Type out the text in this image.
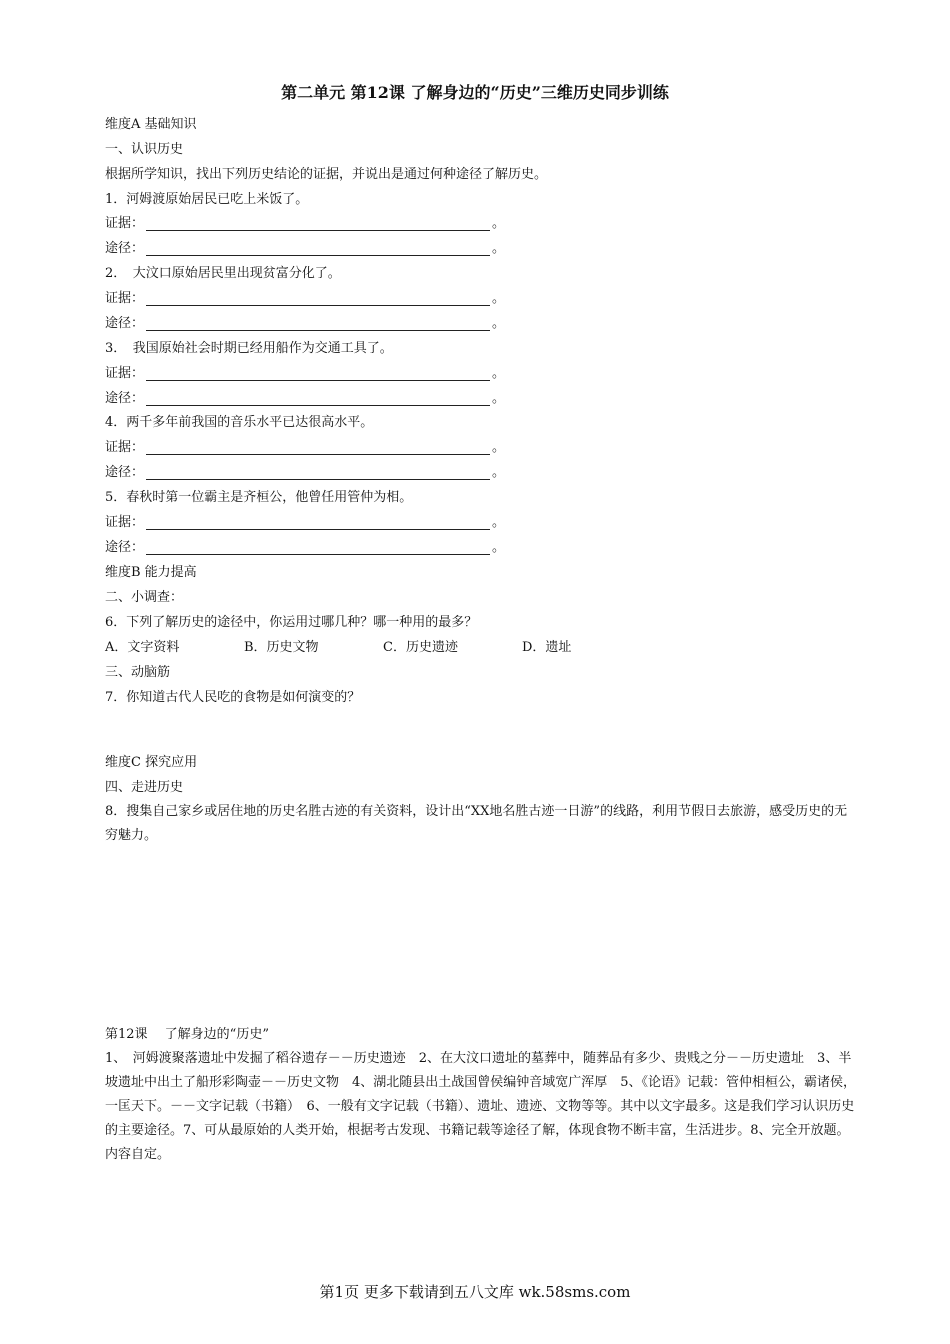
第二单元 第12课 了解身边的“历史”三维历史同步训练
维度A 基础知识
一、认识历史
根据所学知识，找出下列历史结论的证据，并说出是通过何种途径了解历史。
1．河姆渡原始居民已吃上米饭了。
证据：	。
途径：	。
2．　大汶口原始居民里出现贫富分化了。
证据：	。
途径：	。
3．　我国原始社会时期已经用船作为交通工具了。
证据：	。
途径：	。
4．两千多年前我国的音乐水平已达很高水平。
证据：	。
途径：	。
5．春秋时第一位霸主是齐桓公，他曾任用管仲为相。
证据：	。
途径：	。
维度B 能力提高
二、小调查：
6．下列了解历史的途径中，你运用过哪几种？哪一种用的最多？
A．文字资料	B．历史文物	C．历史遗迹	D．遗址
三、动脑筋
7．你知道古代人民吃的食物是如何演变的？
维度C 探究应用
四、走进历史
8．搜集自己家乡或居住地的历史名胜古迹的有关资料，设计出“XX地名胜古迹一日游”的线路，利用节假日去旅游，感受历史的无穷魅力。
第12课　 了解身边的“历史”
1、　河姆渡聚落遗址中发掘了稻谷遗存－－历史遗迹　2、在大汶口遗址的墓葬中，随葬品有多少、贵贱之分－－历史遗址　3、半坡遗址中出土了船形彩陶壶－－历史文物　4、湖北随县出土战国曾侯编钟音域宽广浑厚　5、《论语》记载：管仲相桓公，霸诸侯，一匡天下。－－文字记载（书籍）　6、一般有文字记载（书籍）、遗址、遗迹、文物等等。其中以文字最多。这是我们学习认识历史的主要途径。7、可从最原始的人类开始，根据考古发现、书籍记载等途径了解，体现食物不断丰富，生活进步。8、完全开放题。内容自定。
第1页 更多下载请到五八文库 wk.58sms.com
